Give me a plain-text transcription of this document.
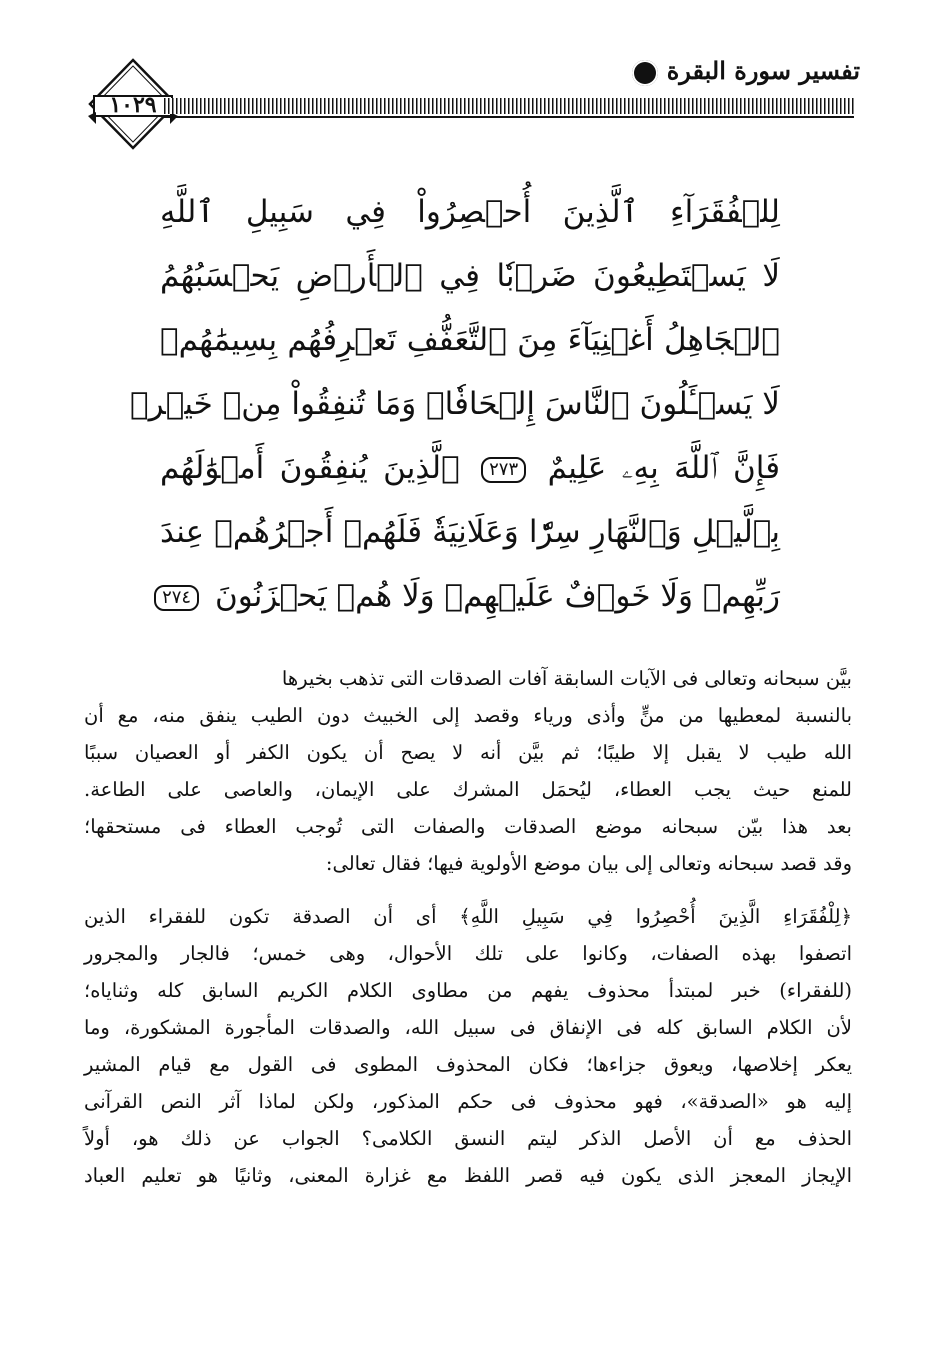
١٠٢٩
تفسير سورة البقرة
لِلۡفُقَرَآءِ ٱلَّذِينَ أُحۡصِرُواْ فِي سَبِيلِ ٱللَّهِ
لَا يَسۡتَطِيعُونَ ضَرۡبٗا فِي ٱلۡأَرۡضِ يَحۡسَبُهُمُ
ٱلۡجَاهِلُ أَغۡنِيَآءَ مِنَ ٱلتَّعَفُّفِ تَعۡرِفُهُم بِسِيمَٰهُمۡ
لَا يَسۡـَٔلُونَ ٱلنَّاسَ إِلۡحَافٗاۗ وَمَا تُنفِقُواْ مِنۡ خَيۡرٖ
فَإِنَّ ٱللَّهَ بِهِۦ عَلِيمٌ ٢٧٣ ٱلَّذِينَ يُنفِقُونَ أَمۡوَٰلَهُم
بِٱلَّيۡلِ وَٱلنَّهَارِ سِرّٗا وَعَلَانِيَةٗ فَلَهُمۡ أَجۡرُهُمۡ عِندَ
رَبِّهِمۡ وَلَا خَوۡفٌ عَلَيۡهِمۡ وَلَا هُمۡ يَحۡزَنُونَ ٢٧٤
بيَّن سبحانه وتعالى فى الآيات السابقة آفات الصدقات التى تذهب بخيرها
بالنسبة لمعطيها من منٍّ وأذى ورياء وقصد إلى الخبيث دون الطيب ينفق منه، مع أن
الله طيب لا يقبل إلا طيبًا؛ ثم بيَّن أنه لا يصح أن يكون الكفر أو العصيان سببًا
للمنع حيث يجب العطاء، ليُحمَل المشرك على الإيمان، والعاصى على الطاعة.
بعد هذا بيّن سبحانه موضع الصدقات والصفات التى تُوجب العطاء فى مستحقها؛
وقد قصد سبحانه وتعالى إلى بيان موضع الأولوية فيها؛ فقال تعالى:
﴿لِلْفُقَرَاءِ الَّذِينَ أُحْصِرُوا فِي سَبِيلِ اللَّهِ﴾ أى أن الصدقة تكون للفقراء الذين
اتصفوا بهذه الصفات، وكانوا على تلك الأحوال، وهى خمس؛ فالجار والمجرور
(للفقراء) خبر لمبتدأ محذوف يفهم من مطاوى الكلام الكريم السابق كله وثناياه؛
لأن الكلام السابق كله فى الإنفاق فى سبيل الله، والصدقات المأجورة المشكورة، وما
يعكر إخلاصها، ويعوق جزاءها؛ فكان المحذوف المطوى فى القول مع قيام المشير
إليه هو «الصدقة»، فهو محذوف فى حكم المذكور، ولكن لماذا آثر النص القرآنى
الحذف مع أن الأصل الذكر ليتم النسق الكلامى؟ الجواب عن ذلك هو، أولاً
الإيجاز المعجز الذى يكون فيه قصر اللفظ مع غزارة المعنى، وثانيًا هو تعليم العباد
